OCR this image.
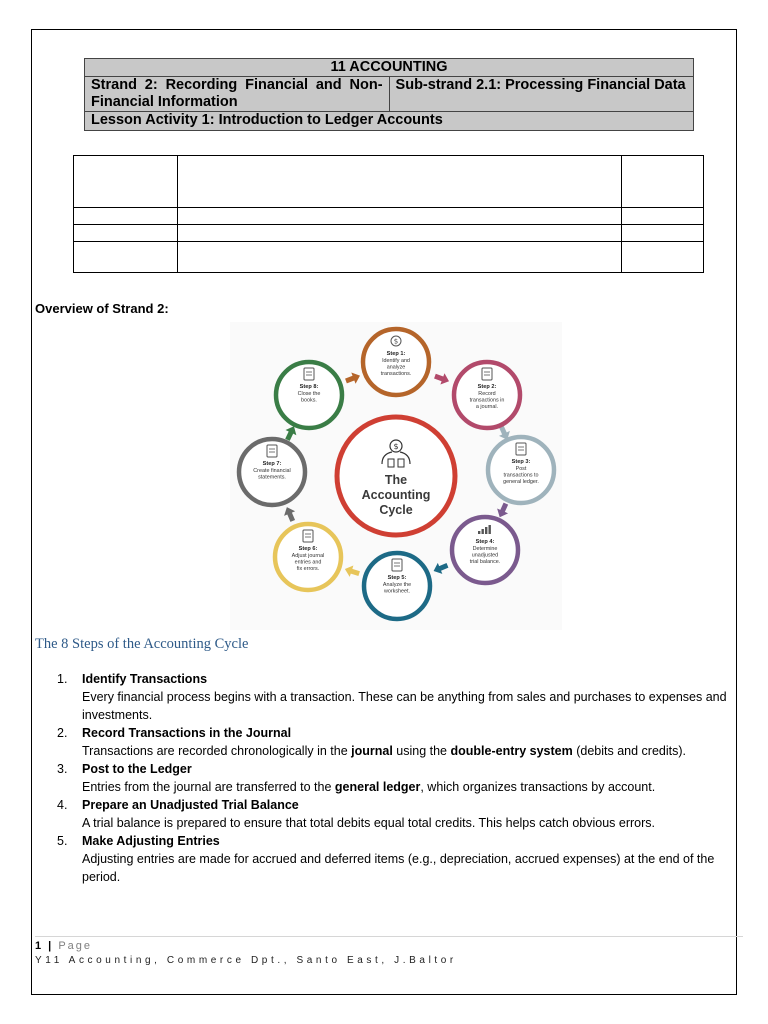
11 ACCOUNTING
Strand 2: Recording Financial and Non-Financial Information	Sub-strand 2.1: Processing Financial Data
Lesson Activity 1: Introduction to Ledger Accounts

Overview of Strand 2:
$
The
Accounting
Cycle
$
Step 1:
Identify and
analyze
transactions.
Step 2:
Record
transactions in
a journal.
Step 3:
Post
transactions to
general ledger.
Step 4:
Determine
unadjusted
trial balance.
Step 5:
Analyze the
worksheet.
Step 6:
Adjust journal
entries and
fix errors.
Step 7:
Create financial
statements.
Step 8:
Close the
books.
The 8 Steps of the Accounting Cycle
1. Identify Transactions
Every financial process begins with a transaction. These can be anything from sales and purchases to expenses and investments.
2. Record Transactions in the Journal
Transactions are recorded chronologically in the journal using the double-entry system (debits and credits).
3. Post to the Ledger
Entries from the journal are transferred to the general ledger, which organizes transactions by account.
4. Prepare an Unadjusted Trial Balance
A trial balance is prepared to ensure that total debits equal total credits. This helps catch obvious errors.
5. Make Adjusting Entries
Adjusting entries are made for accrued and deferred items (e.g., depreciation, accrued expenses) at the end of the period.
1 | Page
Y11 Accounting, Commerce Dpt., Santo East, J.Baltor
